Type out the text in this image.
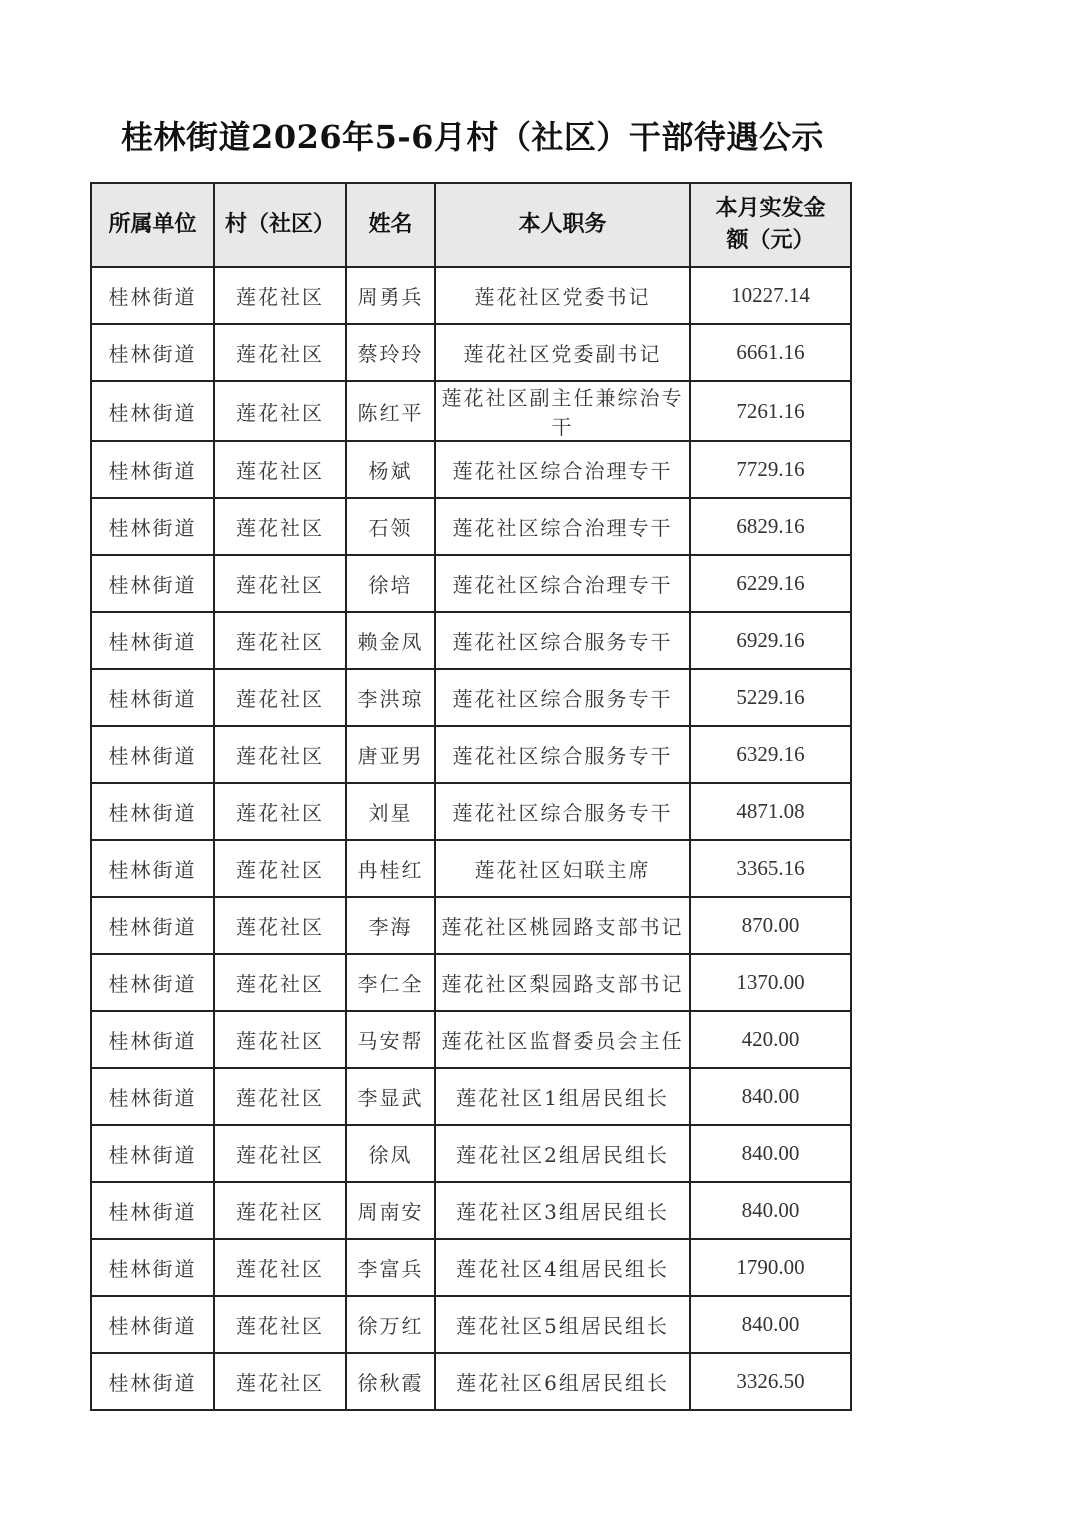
桂林街道2026年5-6月村（社区）干部待遇公示
所属单位	村（社区）	姓名	本人职务	本月实发金额（元）
桂林街道	莲花社区	周勇兵	莲花社区党委书记	10227.14
桂林街道	莲花社区	蔡玲玲	莲花社区党委副书记	6661.16
桂林街道	莲花社区	陈红平	莲花社区副主任兼综治专干	7261.16
桂林街道	莲花社区	杨斌	莲花社区综合治理专干	7729.16
桂林街道	莲花社区	石领	莲花社区综合治理专干	6829.16
桂林街道	莲花社区	徐培	莲花社区综合治理专干	6229.16
桂林街道	莲花社区	赖金凤	莲花社区综合服务专干	6929.16
桂林街道	莲花社区	李洪琼	莲花社区综合服务专干	5229.16
桂林街道	莲花社区	唐亚男	莲花社区综合服务专干	6329.16
桂林街道	莲花社区	刘星	莲花社区综合服务专干	4871.08
桂林街道	莲花社区	冉桂红	莲花社区妇联主席	3365.16
桂林街道	莲花社区	李海	莲花社区桃园路支部书记	870.00
桂林街道	莲花社区	李仁全	莲花社区梨园路支部书记	1370.00
桂林街道	莲花社区	马安帮	莲花社区监督委员会主任	420.00
桂林街道	莲花社区	李显武	莲花社区1组居民组长	840.00
桂林街道	莲花社区	徐凤	莲花社区2组居民组长	840.00
桂林街道	莲花社区	周南安	莲花社区3组居民组长	840.00
桂林街道	莲花社区	李富兵	莲花社区4组居民组长	1790.00
桂林街道	莲花社区	徐万红	莲花社区5组居民组长	840.00
桂林街道	莲花社区	徐秋霞	莲花社区6组居民组长	3326.50
